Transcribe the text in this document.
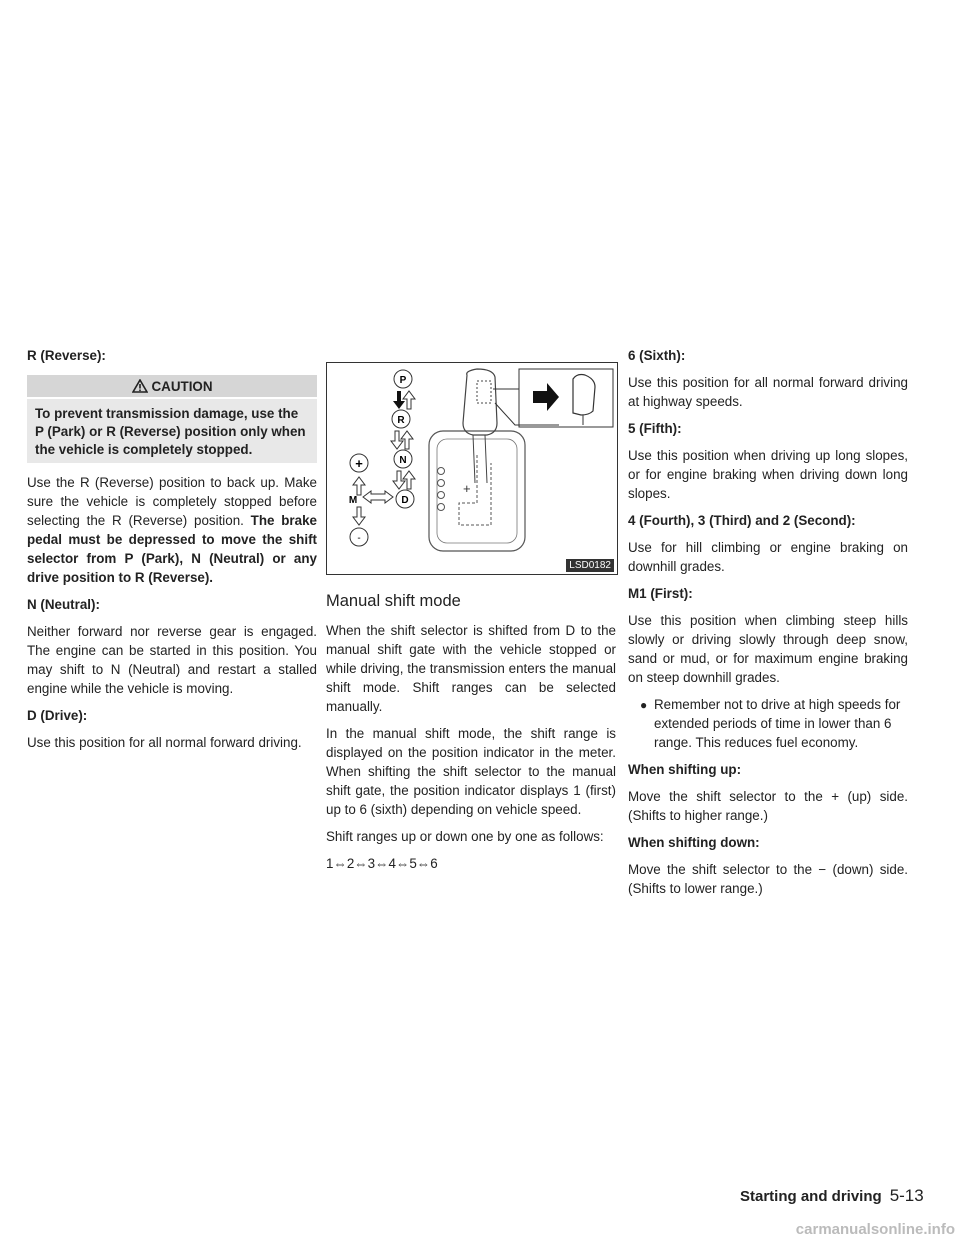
R (Reverse):

CAUTION
To prevent transmission damage, use the P (Park) or R (Reverse) position only when the vehicle is completely stopped.

Use the R (Reverse) position to back up. Make sure the vehicle is completely stopped before selecting the R (Reverse) position. The brake pedal must be depressed to move the shift selector from P (Park), N (Neutral) or any drive position to R (Reverse).

N (Neutral):

Neither forward nor reverse gear is engaged. The engine can be started in this position. You may shift to N (Neutral) and restart a stalled engine while the vehicle is moving.

D (Drive):

Use this position for all normal forward driving.

+
P
R
N
D
+
M
-
LSD0182
Manual shift mode

When the shift selector is shifted from D to the manual shift gate with the vehicle stopped or while driving, the transmission enters the manual shift mode. Shift ranges can be selected manually.

In the manual shift mode, the shift range is displayed on the position indicator in the meter. When shifting the shift selector to the manual shift gate, the position indicator displays 1 (first) up to 6 (sixth) depending on vehicle speed.

Shift ranges up or down one by one as follows:

1⇔2⇔3⇔4⇔5⇔6

6 (Sixth):

Use this position for all normal forward driving at highway speeds.

5 (Fifth):

Use this position when driving up long slopes, or for engine braking when driving down long slopes.

4 (Fourth), 3 (Third) and 2 (Second):

Use for hill climbing or engine braking on downhill grades.

M1 (First):

Use this position when climbing steep hills slowly or driving slowly through deep snow, sand or mud, or for maximum engine braking on steep downhill grades.

● Remember not to drive at high speeds for extended periods of time in lower than 6 range. This reduces fuel economy.

When shifting up:

Move the shift selector to the + (up) side. (Shifts to higher range.)

When shifting down:

Move the shift selector to the − (down) side. (Shifts to lower range.)

Starting and driving 5-13
carmanualsonline.info
